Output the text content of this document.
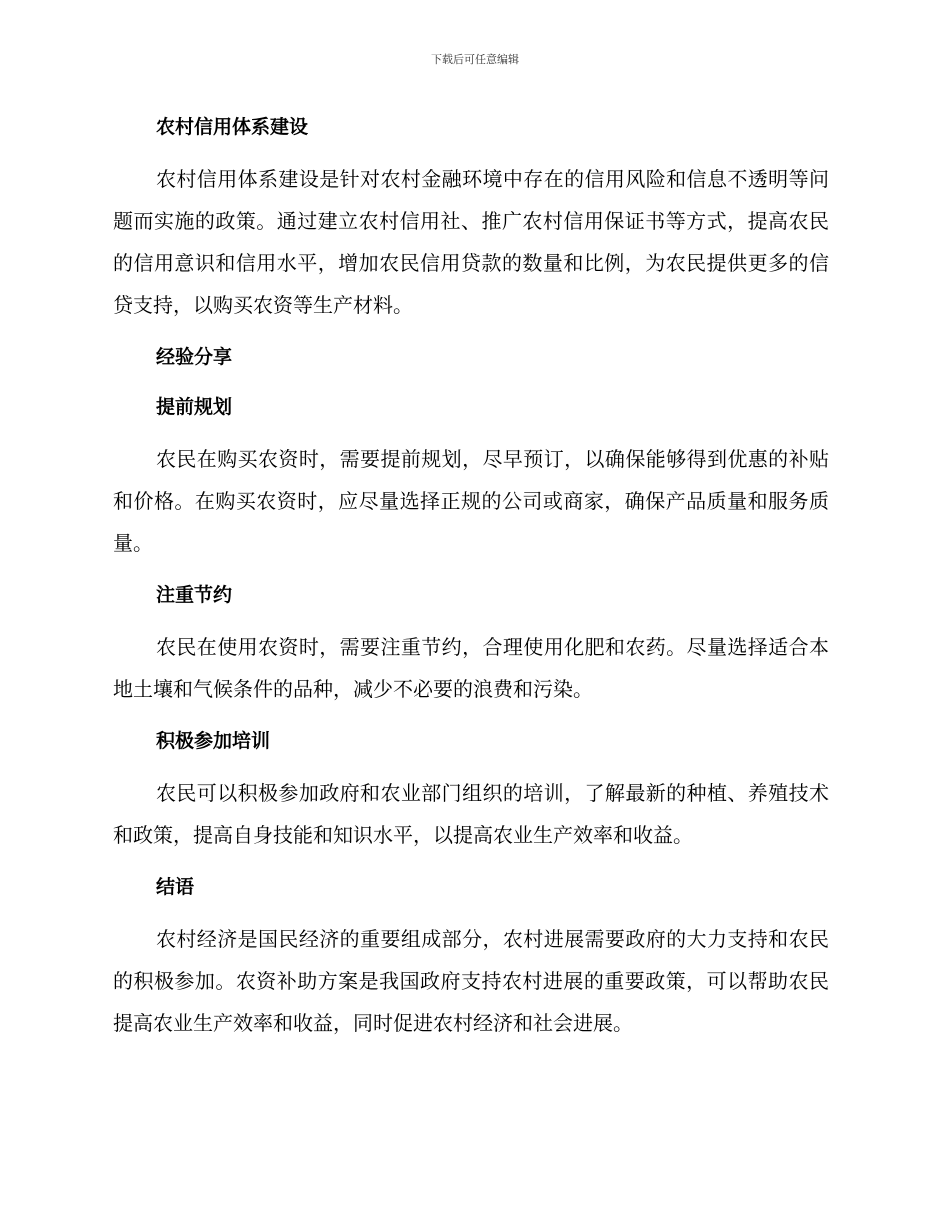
下载后可任意编辑
农村信用体系建设

农村信用体系建设是针对农村金融环境中存在的信用风险和信息不透明等问题而实施的政策。通过建立农村信用社、推广农村信用保证书等方式，提高农民的信用意识和信用水平，增加农民信用贷款的数量和比例，为农民提供更多的信贷支持，以购买农资等生产材料。

经验分享
提前规划

农民在购买农资时，需要提前规划，尽早预订，以确保能够得到优惠的补贴和价格。在购买农资时，应尽量选择正规的公司或商家，确保产品质量和服务质量。

注重节约

农民在使用农资时，需要注重节约，合理使用化肥和农药。尽量选择适合本地土壤和气候条件的品种，减少不必要的浪费和污染。

积极参加培训

农民可以积极参加政府和农业部门组织的培训，了解最新的种植、养殖技术和政策，提高自身技能和知识水平，以提高农业生产效率和收益。

结语

农村经济是国民经济的重要组成部分，农村进展需要政府的大力支持和农民的积极参加。农资补助方案是我国政府支持农村进展的重要政策，可以帮助农民提高农业生产效率和收益，同时促进农村经济和社会进展。
